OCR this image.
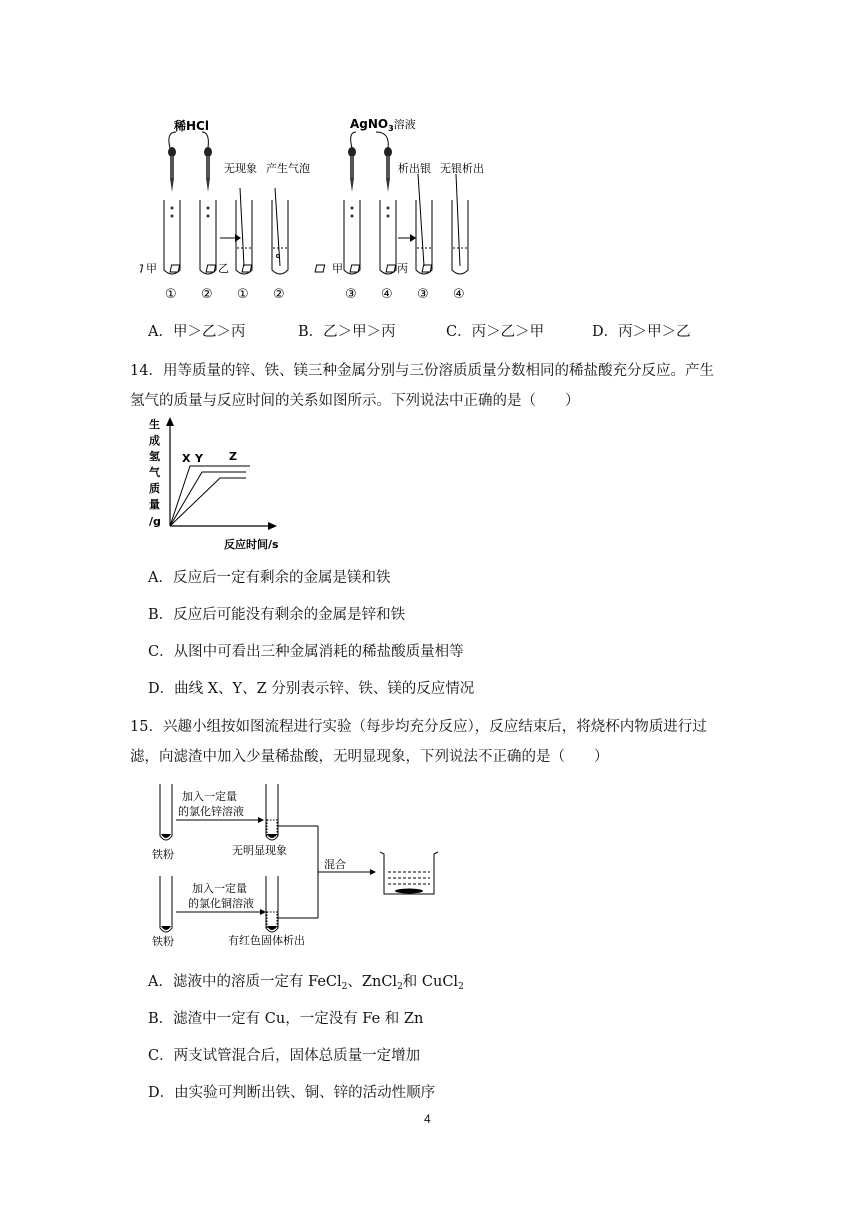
稀HCl
甲	乙
无现象 产生气泡
① ② ① ②
AgNO$_3$溶液
甲	丙
析出银 无银析出
③ ④ ③ ④
A．甲＞乙＞丙	B．乙＞甲＞丙	C．丙＞乙＞甲	D．丙＞甲＞乙
14．用等质量的锌、铁、镁三种金属分别与三份溶质质量分数相同的稀盐酸充分反应。产生
氢气的质量与反应时间的关系如图所示。下列说法中正确的是（　　）
生
成
氢
气
质
量
/g
X Y Z
反应时间/s
A．反应后一定有剩余的金属是镁和铁
B．反应后可能没有剩余的金属是锌和铁
C．从图中可看出三种金属消耗的稀盐酸质量相等
D．曲线 X、Y、Z 分别表示锌、铁、镁的反应情况
15．兴趣小组按如图流程进行实验（每步均充分反应），反应结束后，将烧杯内物质进行过
滤，向滤渣中加入少量稀盐酸，无明显现象，下列说法不正确的是（　　）
加入一定量
的氯化锌溶液
铁粉	无明显现象
混合
加入一定量
的氯化铜溶液
铁粉	有红色固体析出
A．滤液中的溶质一定有 FeCl$_2$、ZnCl$_2$和 CuCl$_2$
B．滤渣中一定有 Cu，一定没有 Fe 和 Zn
C．两支试管混合后，固体总质量一定增加
D．由实验可判断出铁、铜、锌的活动性顺序
4
